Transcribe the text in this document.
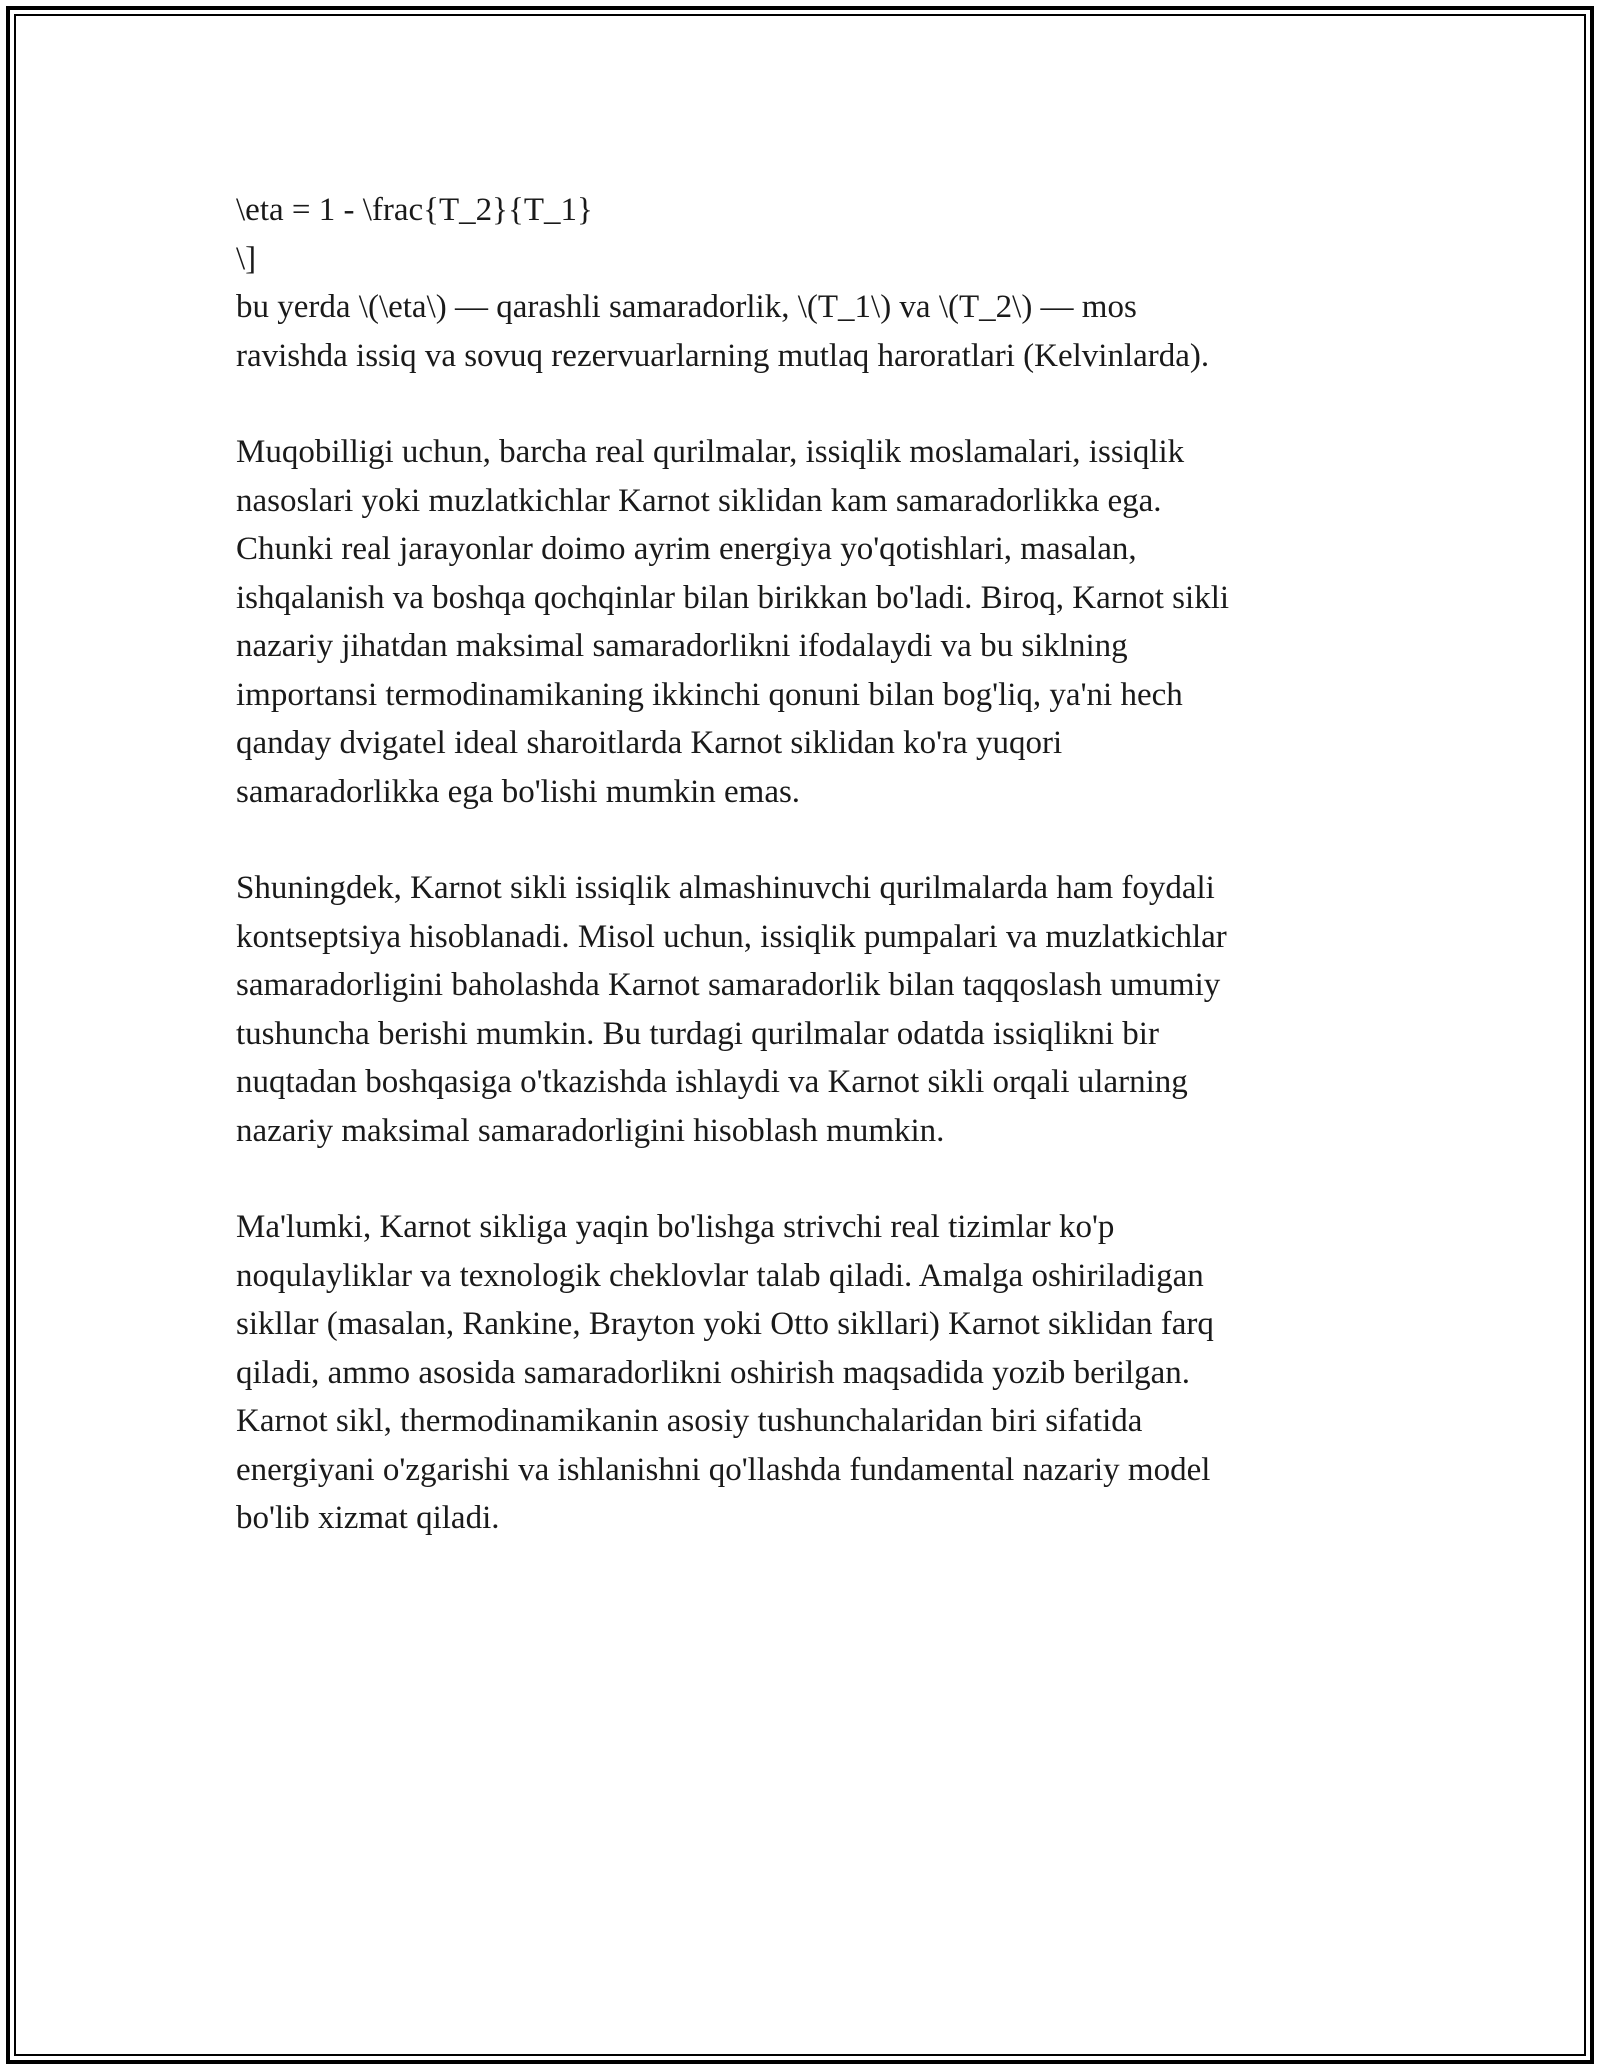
\eta = 1 - \frac{T_2}{T_1}

\]

bu yerda \(\eta\) — qarashli samaradorlik, \(T_1\) va \(T_2\) — mos

ravishda issiq va sovuq rezervuarlarning mutlaq haroratlari (Kelvinlarda).

Muqobilligi uchun, barcha real qurilmalar, issiqlik moslamalari, issiqlik

nasoslari yoki muzlatkichlar Karnot siklidan kam samaradorlikka ega.

Chunki real jarayonlar doimo ayrim energiya yo'qotishlari, masalan,

ishqalanish va boshqa qochqinlar bilan birikkan bo'ladi. Biroq, Karnot sikli

nazariy jihatdan maksimal samaradorlikni ifodalaydi va bu siklning

importansi termodinamikaning ikkinchi qonuni bilan bog'liq, ya'ni hech

qanday dvigatel ideal sharoitlarda Karnot siklidan ko'ra yuqori

samaradorlikka ega bo'lishi mumkin emas.

Shuningdek, Karnot sikli issiqlik almashinuvchi qurilmalarda ham foydali

kontseptsiya hisoblanadi. Misol uchun, issiqlik pumpalari va muzlatkichlar

samaradorligini baholashda Karnot samaradorlik bilan taqqoslash umumiy

tushuncha berishi mumkin. Bu turdagi qurilmalar odatda issiqlikni bir

nuqtadan boshqasiga o'tkazishda ishlaydi va Karnot sikli orqali ularning

nazariy maksimal samaradorligini hisoblash mumkin.

Ma'lumki, Karnot sikliga yaqin bo'lishga strivchi real tizimlar ko'p

noqulayliklar va texnologik cheklovlar talab qiladi. Amalga oshiriladigan

sikllar (masalan, Rankine, Brayton yoki Otto sikllari) Karnot siklidan farq

qiladi, ammo asosida samaradorlikni oshirish maqsadida yozib berilgan.

Karnot sikl, thermodinamikanin asosiy tushunchalaridan biri sifatida

energiyani o'zgarishi va ishlanishni qo'llashda fundamental nazariy model

bo'lib xizmat qiladi.
